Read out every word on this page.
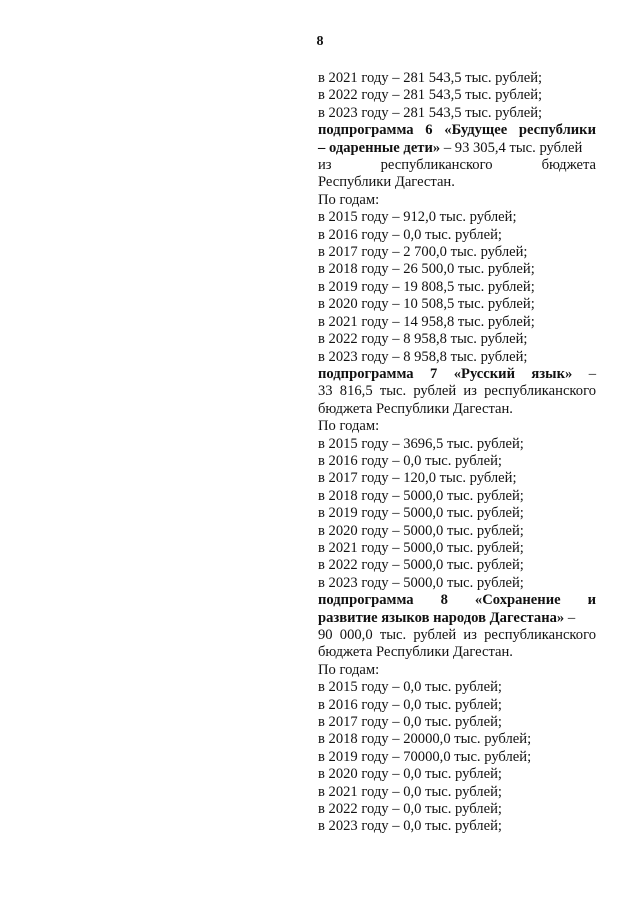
8
в 2021 году – 281 543,5 тыс. рублей;
в 2022 году – 281 543,5 тыс. рублей;
в 2023 году – 281 543,5 тыс. рублей;
подпрограмма 6 «Будущее республики
– одаренные дети» – 93 305,4 тыс. рублей
из республиканского бюджета
Республики Дагестан.
По годам:
в 2015 году – 912,0 тыс. рублей;
в 2016 году – 0,0 тыс. рублей;
в 2017 году – 2 700,0 тыс. рублей;
в 2018 году – 26 500,0 тыс. рублей;
в 2019 году – 19 808,5 тыс. рублей;
в 2020 году – 10 508,5 тыс. рублей;
в 2021 году – 14 958,8 тыс. рублей;
в 2022 году – 8 958,8 тыс. рублей;
в 2023 году – 8 958,8 тыс. рублей;
подпрограмма 7 «Русский язык» –
33 816,5 тыс. рублей из республиканского
бюджета Республики Дагестан.
По годам:
в 2015 году – 3696,5 тыс. рублей;
в 2016 году – 0,0 тыс. рублей;
в 2017 году – 120,0 тыс. рублей;
в 2018 году – 5000,0 тыс. рублей;
в 2019 году – 5000,0 тыс. рублей;
в 2020 году – 5000,0 тыс. рублей;
в 2021 году – 5000,0 тыс. рублей;
в 2022 году – 5000,0 тыс. рублей;
в 2023 году – 5000,0 тыс. рублей;
подпрограмма 8 «Сохранение и
развитие языков народов Дагестана» –
90 000,0 тыс. рублей из республиканского
бюджета Республики Дагестан.
По годам:
в 2015 году – 0,0 тыс. рублей;
в 2016 году – 0,0 тыс. рублей;
в 2017 году – 0,0 тыс. рублей;
в 2018 году – 20000,0 тыс. рублей;
в 2019 году – 70000,0 тыс. рублей;
в 2020 году – 0,0 тыс. рублей;
в 2021 году – 0,0 тыс. рублей;
в 2022 году – 0,0 тыс. рублей;
в 2023 году – 0,0 тыс. рублей;
